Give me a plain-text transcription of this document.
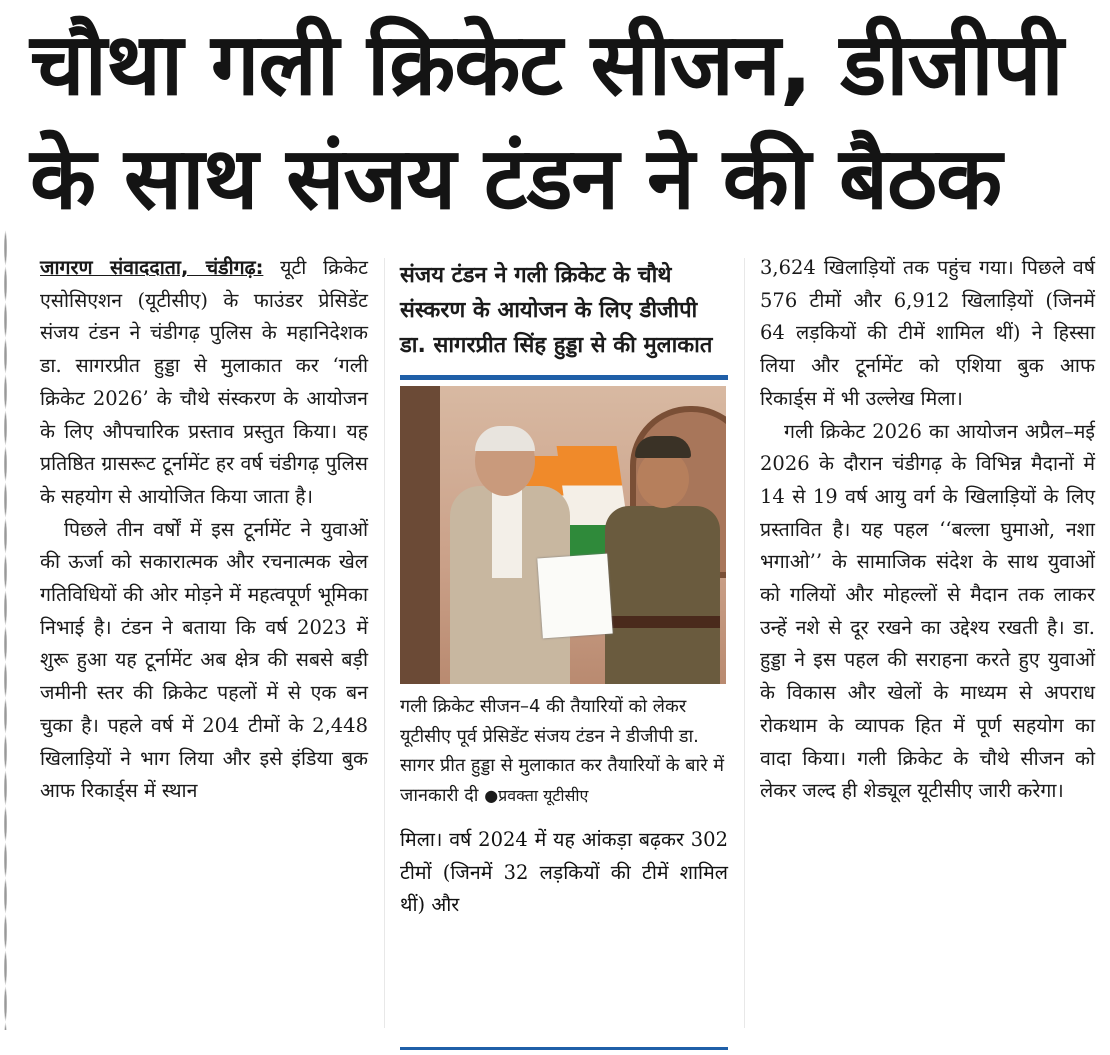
चौथा गली क्रिकेट सीजन, डीजीपी
के साथ संजय टंडन ने की बैठक

जागरण संवाददाता, चंडीगढ़: यूटी क्रिकेट एसोसिएशन (यूटीसीए) के फाउंडर प्रेसिडेंट संजय टंडन ने चंडीगढ़ पुलिस के महानिदेशक डा. सागरप्रीत हुड्डा से मुलाकात कर ‘गली क्रिकेट 2026’ के चौथे संस्करण के आयोजन के लिए औपचारिक प्रस्ताव प्रस्तुत किया। यह प्रतिष्ठित ग्रासरूट टूर्नामेंट हर वर्ष चंडीगढ़ पुलिस के सहयोग से आयोजित किया जाता है।

पिछले तीन वर्षों में इस टूर्नामेंट ने युवाओं की ऊर्जा को सकारात्मक और रचनात्मक खेल गतिविधियों की ओर मोड़ने में महत्वपूर्ण भूमिका निभाई है। टंडन ने बताया कि वर्ष 2023 में शुरू हुआ यह टूर्नामेंट अब क्षेत्र की सबसे बड़ी जमीनी स्तर की क्रिकेट पहलों में से एक बन चुका है। पहले वर्ष में 204 टीमों के 2,448 खिलाड़ियों ने भाग लिया और इसे इंडिया बुक आफ रिकार्ड्स में स्थान

संजय टंडन ने गली क्रिकेट के चौथे संस्करण के आयोजन के लिए डीजीपी डा. सागरप्रीत सिंह हुड्डा से की मुलाकात

गली क्रिकेट सीजन–4 की तैयारियों को लेकर यूटीसीए पूर्व प्रेसिडेंट संजय टंडन ने डीजीपी डा. सागर प्रीत हुड्डा से मुलाकात कर तैयारियों के बारे में जानकारी दी ●प्रवक्ता यूटीसीए

मिला। वर्ष 2024 में यह आंकड़ा बढ़कर 302 टीमों (जिनमें 32 लड़कियों की टीमें शामिल थीं) और

3,624 खिलाड़ियों तक पहुंच गया। पिछले वर्ष 576 टीमों और 6,912 खिलाड़ियों (जिनमें 64 लड़कियों की टीमें शामिल थीं) ने हिस्सा लिया और टूर्नामेंट को एशिया बुक आफ रिकार्ड्स में भी उल्लेख मिला।

गली क्रिकेट 2026 का आयोजन अप्रैल–मई 2026 के दौरान चंडीगढ़ के विभिन्न मैदानों में 14 से 19 वर्ष आयु वर्ग के खिलाड़ियों के लिए प्रस्तावित है। यह पहल ‘‘बल्ला घुमाओ, नशा भगाओ’’ के सामाजिक संदेश के साथ युवाओं को गलियों और मोहल्लों से मैदान तक लाकर उन्हें नशे से दूर रखने का उद्देश्य रखती है। डा. हुड्डा ने इस पहल की सराहना करते हुए युवाओं के विकास और खेलों के माध्यम से अपराध रोकथाम के व्यापक हित में पूर्ण सहयोग का वादा किया। गली क्रिकेट के चौथे सीजन को लेकर जल्द ही शेड्यूल यूटीसीए जारी करेगा।
